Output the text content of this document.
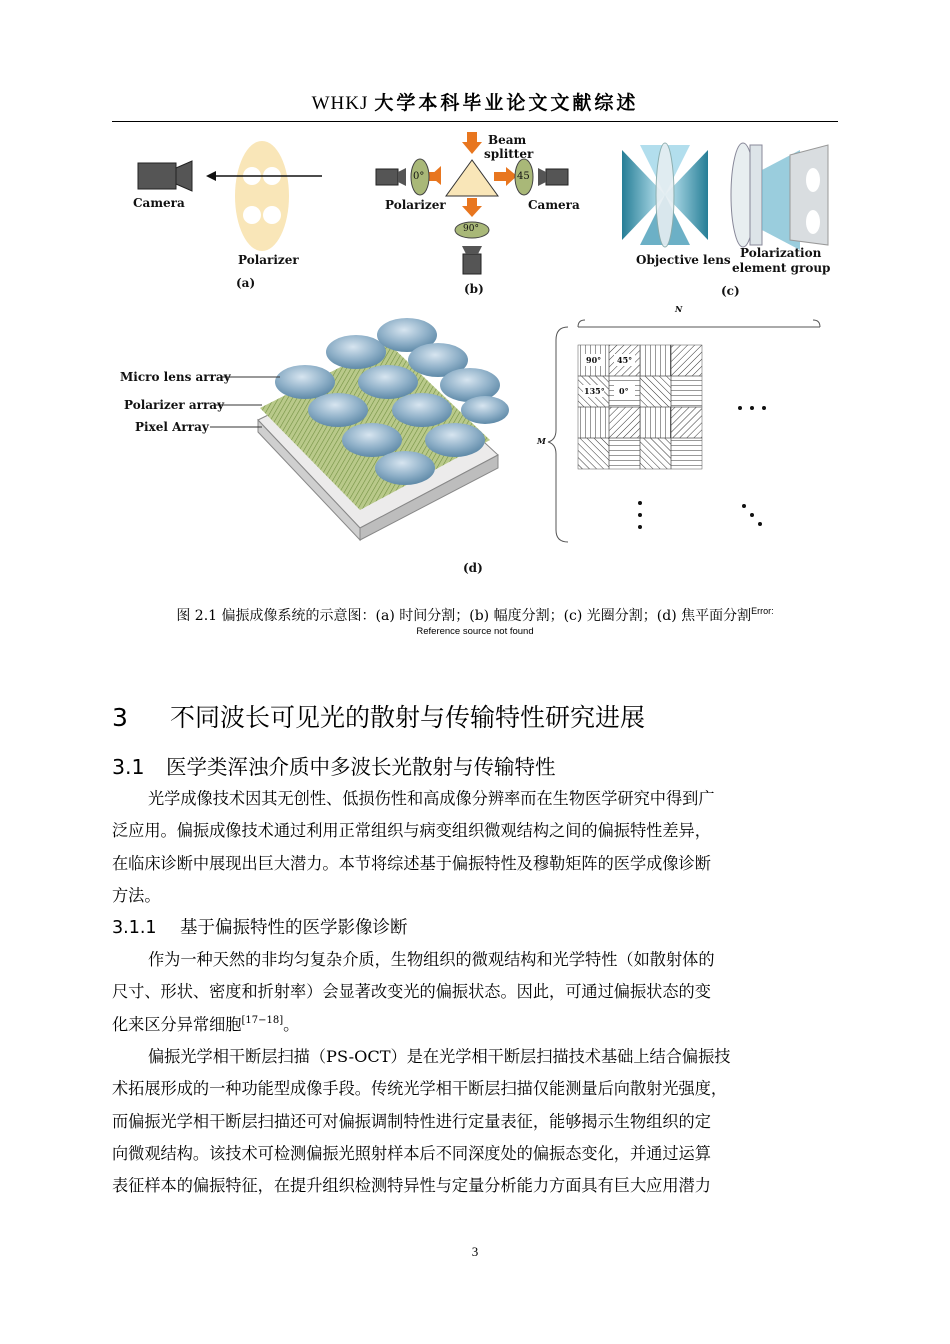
WHKJ 大学本科毕业论文文献综述
Camera
Polarizer
(a)
Beam
splitter
0°	45
90°
Polarizer	Camera
(b)
Objective lens Polarization
element group
(c)
Micro lens array
Polarizer array
Pixel Array
N
M
90° 45°
135° 0°
(d)
图 2.1 偏振成像系统的示意图：(a) 时间分割；(b) 幅度分割；(c) 光圈分割；(d) 焦平面分割$^{Error:}$
Reference source not found
3 不同波长可见光的散射与传输特性研究进展
3.1 医学类浑浊介质中多波长光散射与传输特性
光学成像技术因其无创性、低损伤性和高成像分辨率而在生物医学研究中得到广
泛应用。偏振成像技术通过利用正常组织与病变组织微观结构之间的偏振特性差异，
在临床诊断中展现出巨大潜力。本节将综述基于偏振特性及穆勒矩阵的医学成像诊断
方法。
3.1.1 基于偏振特性的医学影像诊断
作为一种天然的非均匀复杂介质，生物组织的微观结构和光学特性（如散射体的
尺寸、形状、密度和折射率）会显著改变光的偏振状态。因此，可通过偏振状态的变
化来区分异常细胞[17−18]。
偏振光学相干断层扫描（PS-OCT）是在光学相干断层扫描技术基础上结合偏振技
术拓展形成的一种功能型成像手段。传统光学相干断层扫描仅能测量后向散射光强度，
而偏振光学相干断层扫描还可对偏振调制特性进行定量表征，能够揭示生物组织的定
向微观结构。该技术可检测偏振光照射样本后不同深度处的偏振态变化，并通过运算
表征样本的偏振特征，在提升组织检测特异性与定量分析能力方面具有巨大应用潜力
3
